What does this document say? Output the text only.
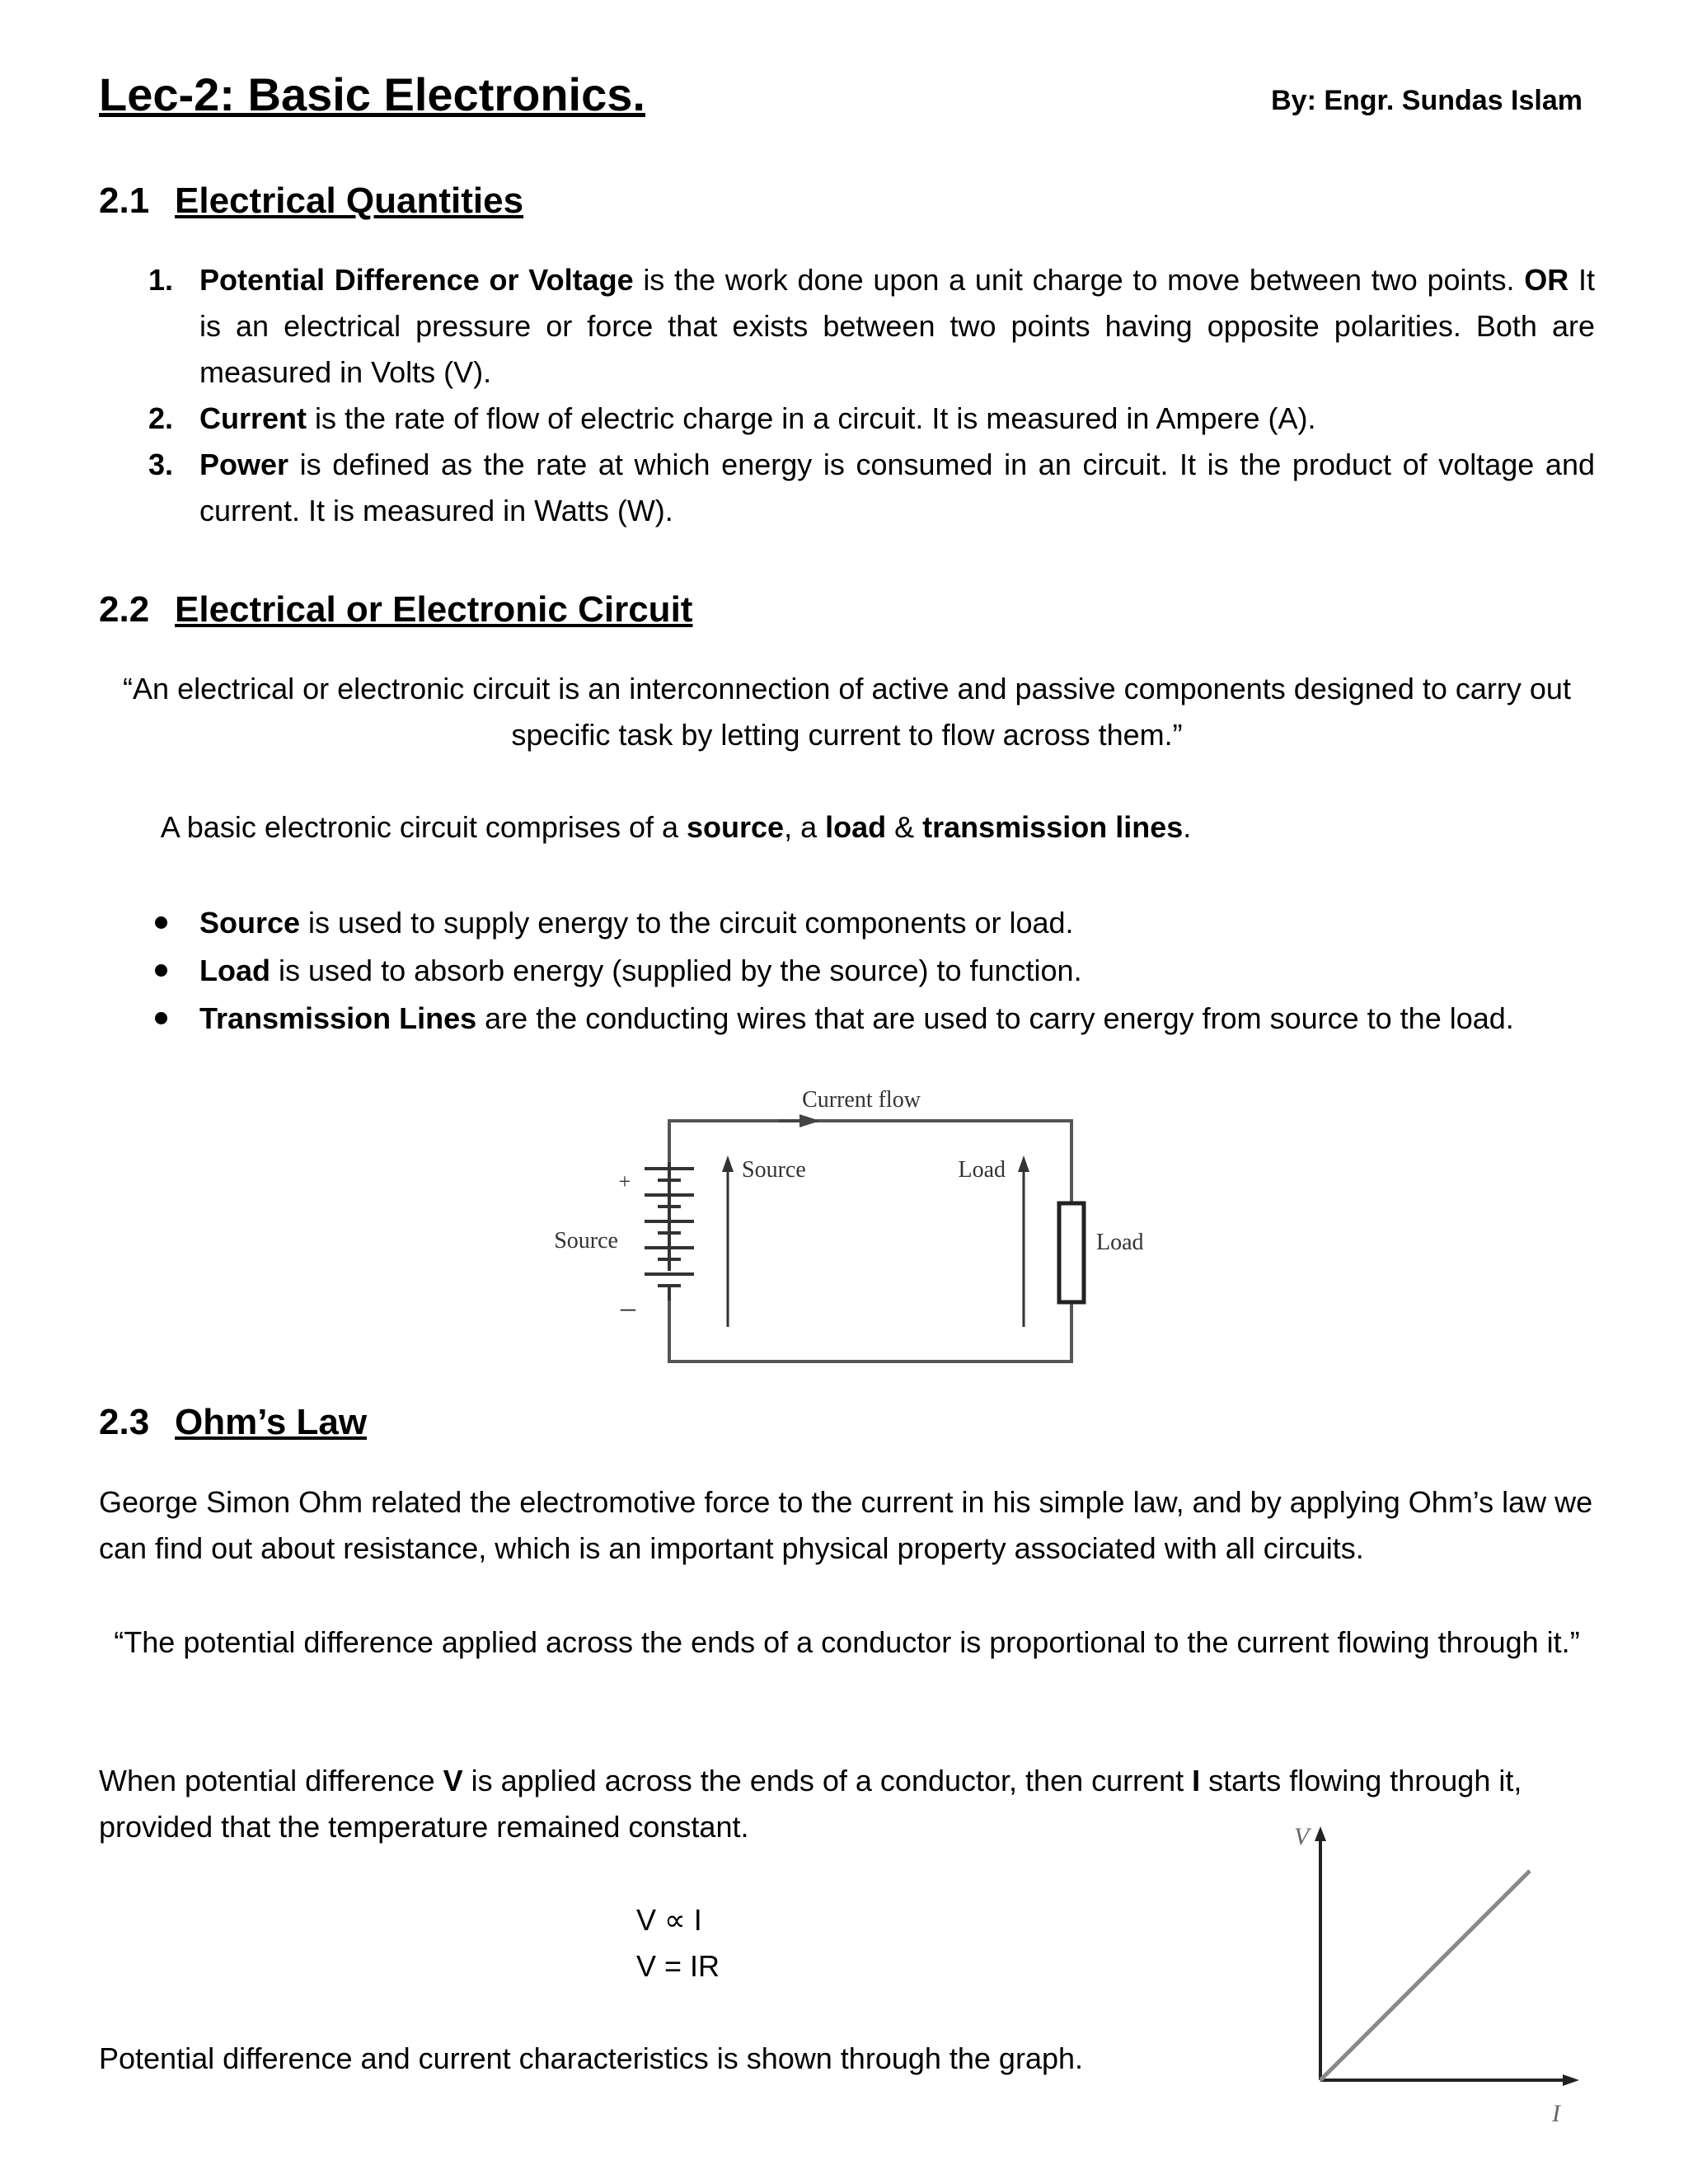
Lec-2: Basic Electronics.	By: Engr. Sundas Islam
2.1 Electrical Quantities
1. Potential Difference or Voltage is the work done upon a unit charge to move between two points. OR It is an electrical pressure or force that exists between two points having opposite polarities. Both are measured in Volts (V).
2. Current is the rate of flow of electric charge in a circuit. It is measured in Ampere (A).
3. Power is defined as the rate at which energy is consumed in an circuit. It is the product of voltage and current. It is measured in Watts (W).
2.2 Electrical or Electronic Circuit
“An electrical or electronic circuit is an interconnection of active and passive components designed to carry out specific task by letting current to flow across them.”
A basic electronic circuit comprises of a source, a load & transmission lines.
Source is used to supply energy to the circuit components or load.
Load is used to absorb energy (supplied by the source) to function.
Transmission Lines are the conducting wires that are used to carry energy from source to the load.
Current flow
Source	Load
Source	Load
+
–
2.3 Ohm’s Law
George Simon Ohm related the electromotive force to the current in his simple law, and by applying Ohm’s law we can find out about resistance, which is an important physical property associated with all circuits.
“The potential difference applied across the ends of a conductor is proportional to the current flowing through it.”
When potential difference V is applied across the ends of a conductor, then current I starts flowing through it, provided that the temperature remained constant.
V ∝ I
V = IR
Potential difference and current characteristics is shown through the graph.
V
I
